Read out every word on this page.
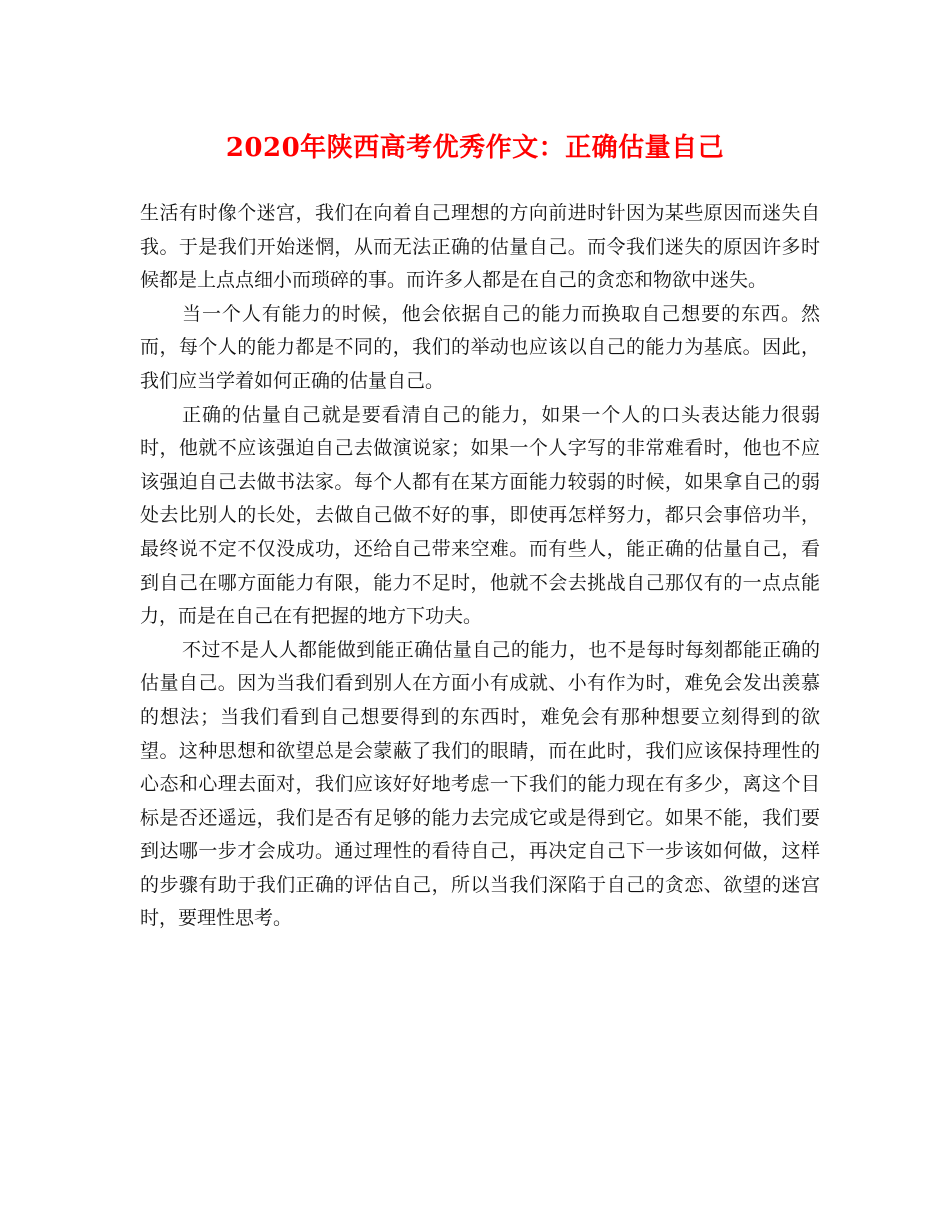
2020年陕西高考优秀作文：正确估量自己

生活有时像个迷宫，我们在向着自己理想的方向前进时针因为某些原因而迷失自我。于是我们开始迷惘，从而无法正确的估量自己。而令我们迷失的原因许多时候都是上点点细小而琐碎的事。而许多人都是在自己的贪恋和物欲中迷失。

当一个人有能力的时候，他会依据自己的能力而换取自己想要的东西。然而，每个人的能力都是不同的，我们的举动也应该以自己的能力为基底。因此，我们应当学着如何正确的估量自己。

正确的估量自己就是要看清自己的能力，如果一个人的口头表达能力很弱时，他就不应该强迫自己去做演说家；如果一个人字写的非常难看时，他也不应该强迫自己去做书法家。每个人都有在某方面能力较弱的时候，如果拿自己的弱处去比别人的长处，去做自己做不好的事，即使再怎样努力，都只会事倍功半，最终说不定不仅没成功，还给自己带来空难。而有些人，能正确的估量自己，看到自己在哪方面能力有限，能力不足时，他就不会去挑战自己那仅有的一点点能力，而是在自己在有把握的地方下功夫。

不过不是人人都能做到能正确估量自己的能力，也不是每时每刻都能正确的估量自己。因为当我们看到别人在方面小有成就、小有作为时，难免会发出羡慕的想法；当我们看到自己想要得到的东西时，难免会有那种想要立刻得到的欲望。这种思想和欲望总是会蒙蔽了我们的眼睛，而在此时，我们应该保持理性的心态和心理去面对，我们应该好好地考虑一下我们的能力现在有多少，离这个目标是否还遥远，我们是否有足够的能力去完成它或是得到它。如果不能，我们要到达哪一步才会成功。通过理性的看待自己，再决定自己下一步该如何做，这样的步骤有助于我们正确的评估自己，所以当我们深陷于自己的贪恋、欲望的迷宫时，要理性思考。
